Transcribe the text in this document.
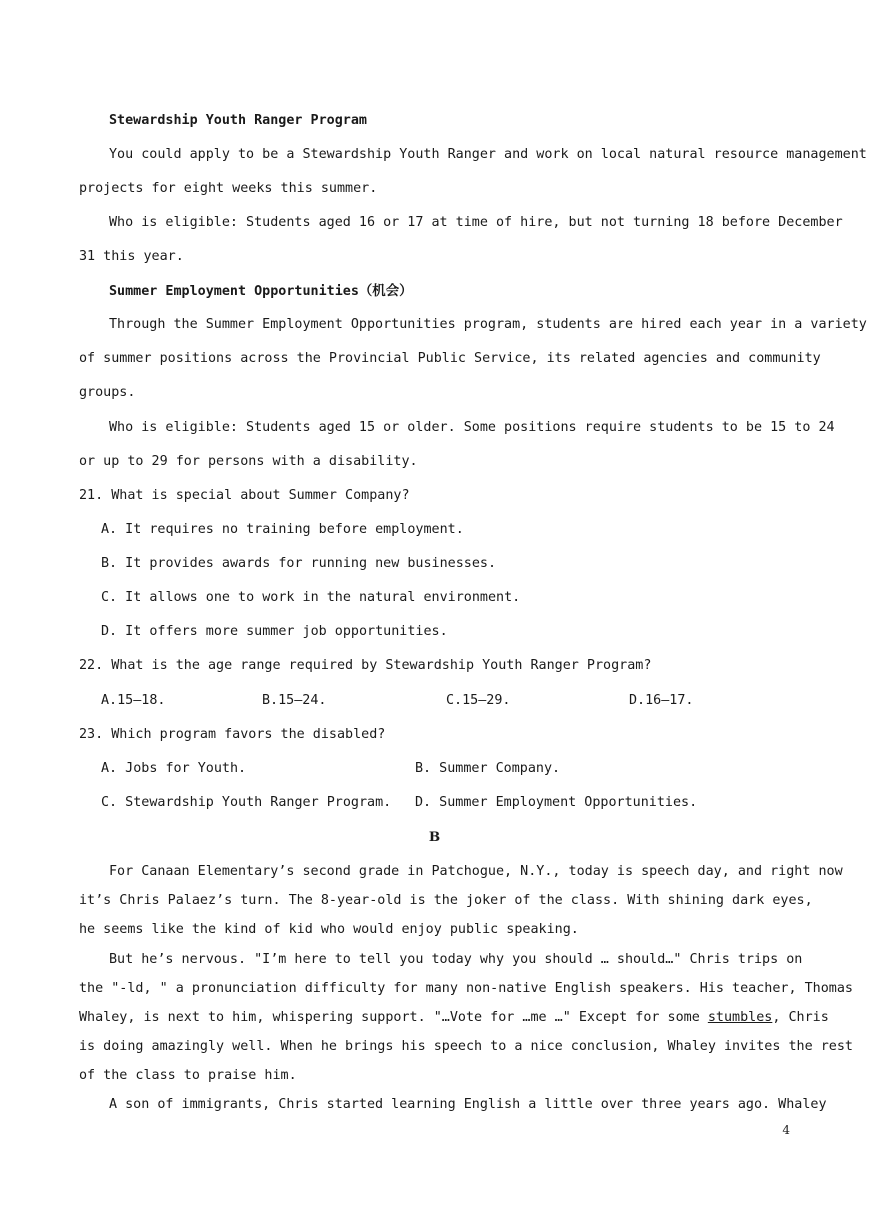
Stewardship Youth Ranger Program
You could apply to be a Stewardship Youth Ranger and work on local natural resource management
projects for eight weeks this summer.
Who is eligible: Students aged 16 or 17 at time of hire, but not turning 18 before December
31 this year.
Summer Employment Opportunities（机会）
Through the Summer Employment Opportunities program, students are hired each year in a variety
of summer positions across the Provincial Public Service, its related agencies and community
groups.
Who is eligible: Students aged 15 or older. Some positions require students to be 15 to 24
or up to 29 for persons with a disability.
21. What is special about Summer Company?
A. It requires no training before employment.
B. It provides awards for running new businesses.
C. It allows one to work in the natural environment.
D. It offers more summer job opportunities.
22. What is the age range required by Stewardship Youth Ranger Program?
A.15—18.	B.15—24.	C.15—29.	D.16—17.
23. Which program favors the disabled?
A. Jobs for Youth.	B. Summer Company.
C. Stewardship Youth Ranger Program. D. Summer Employment Opportunities.
B
For Canaan Elementary’s second grade in Patchogue, N.Y., today is speech day, and right now
it’s Chris Palaez’s turn. The 8-year-old is the joker of the class. With shining dark eyes,
he seems like the kind of kid who would enjoy public speaking.
But he’s nervous. "I’m here to tell you today why you should … should…" Chris trips on
the "-ld, " a pronunciation difficulty for many non-native English speakers. His teacher, Thomas
Whaley, is next to him, whispering support. "…Vote for …me …" Except for some stumbles, Chris
is doing amazingly well. When he brings his speech to a nice conclusion, Whaley invites the rest
of the class to praise him.
A son of immigrants, Chris started learning English a little over three years ago. Whaley
4
